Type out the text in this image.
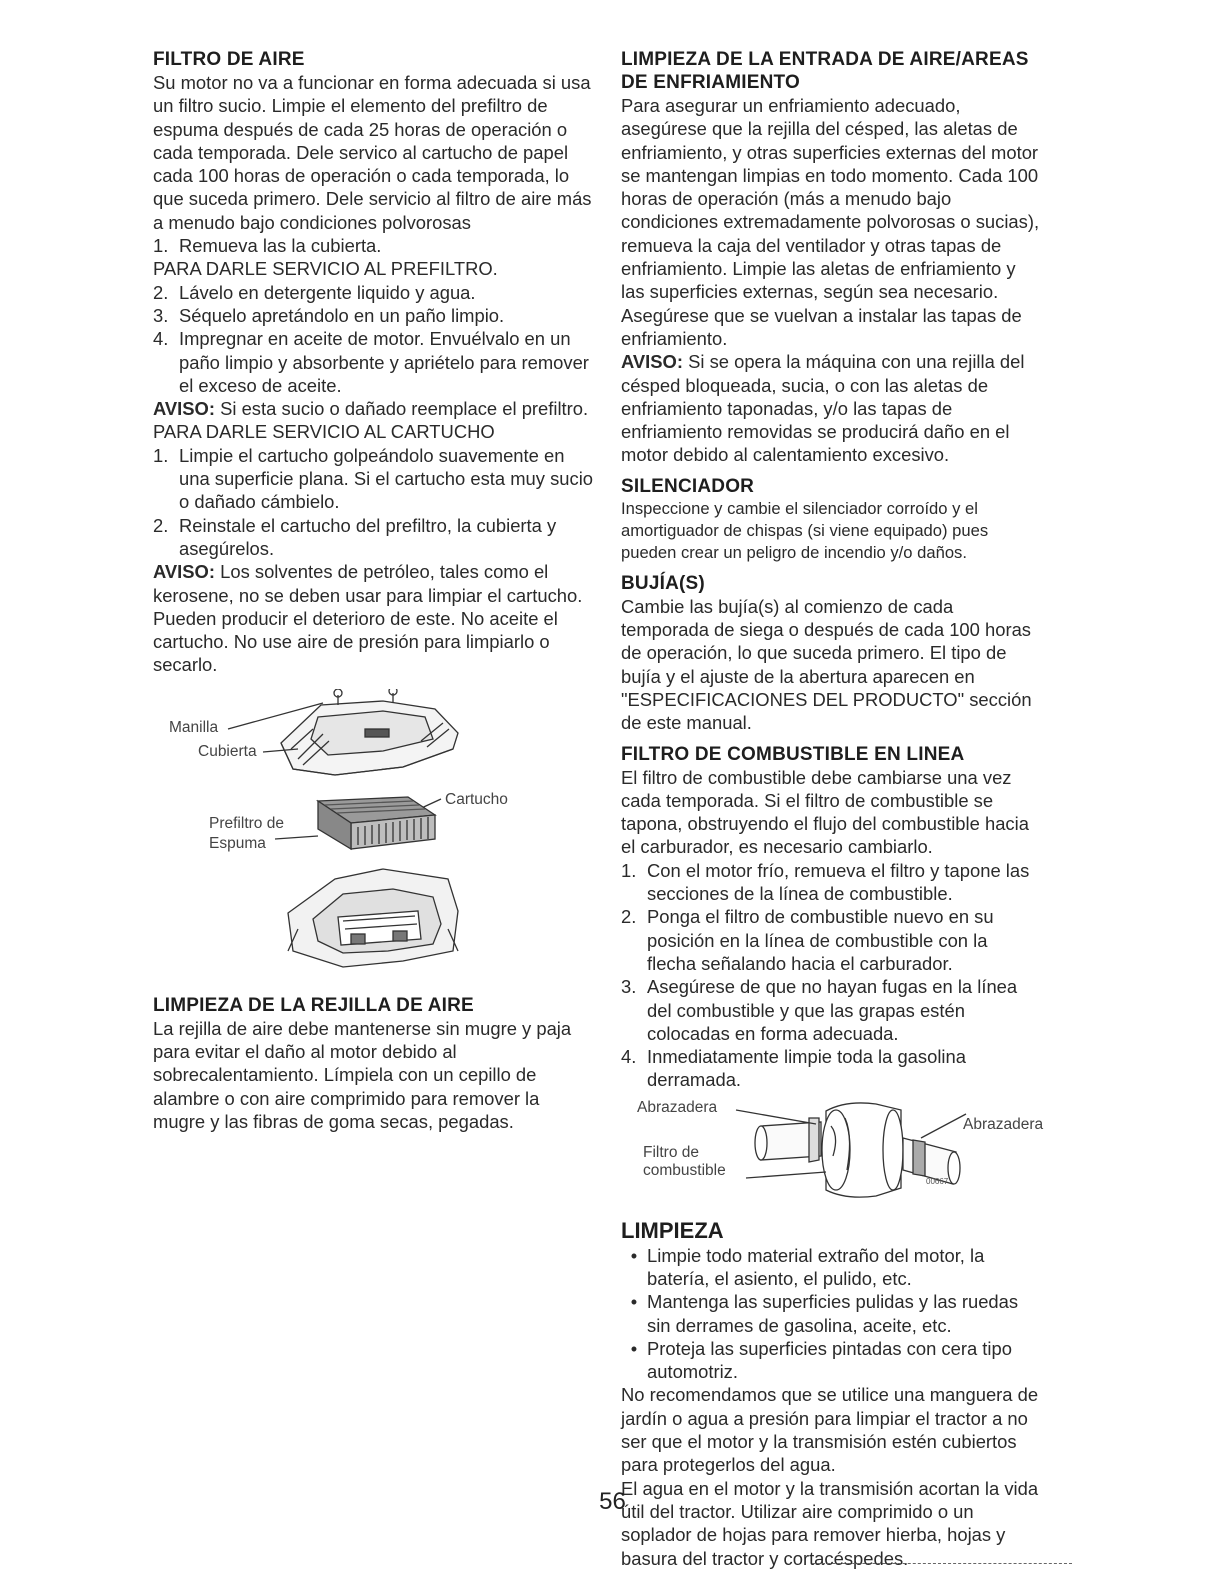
FILTRO DE AIRE

Su motor no va a funcionar en forma adecuada si usa un filtro sucio. Limpie el elemento del prefiltro de espuma después de cada 25 horas de operación o cada temporada. Dele servico al cartucho de papel cada 100 horas de operación o cada temporada, lo que suceda primero. Dele servicio al filtro de aire más a menudo bajo condiciones polvorosas

1. Remueva las la cubierta.

PARA DARLE SERVICIO AL PREFILTRO.

2. Lávelo en detergente liquido y agua.
3. Séquelo apretándolo en un paño limpio.
4. Impregnar en aceite de motor. Envuélvalo en un paño limpio y absorbente y apriételo para remover el exceso de aceite.

AVISO: Si esta sucio o dañado reemplace el prefiltro.

PARA DARLE SERVICIO AL CARTUCHO

1. Limpie el cartucho golpeándolo suavemente en una superficie plana. Si el cartucho esta muy sucio o dañado cámbielo.
2. Reinstale el cartucho del prefiltro, la cubierta y asegúrelos.

AVISO: Los solventes de petróleo, tales como el kerosene, no se deben usar para limpiar el cartucho. Pueden producir el deterioro de este. No aceite el cartucho. No use aire de presión para limpiarlo o secarlo.

Manilla
Cubierta
Cartucho
Prefiltro de
Espuma

LIMPIEZA DE LA REJILLA DE AIRE

La rejilla de aire debe mantenerse sin mugre y paja para evitar el daño al motor debido al sobrecalentamiento. Límpiela con un cepillo de alambre o con aire comprimido para remover la mugre y las fibras de goma secas, pegadas.

LIMPIEZA DE LA ENTRADA DE AIRE/AREAS

DE ENFRIAMIENTO

Para asegurar un enfriamiento adecuado, asegúrese que la rejilla del césped, las aletas de enfriamiento, y otras superficies externas del motor se mantengan limpias en todo momento. Cada 100 horas de operación (más a menudo bajo condiciones extremadamente polvorosas o sucias), remueva la caja del ventilador y otras tapas de enfriamiento. Limpie las aletas de enfriamiento y las superficies externas, según sea necesario. Asegúrese que se vuelvan a instalar las tapas de enfriamiento.

AVISO: Si se opera la máquina con una rejilla del césped bloqueada, sucia, o con las aletas de enfriamiento taponadas, y/o las tapas de enfriamiento removidas se producirá daño en el motor debido al calentamiento excesivo.

SILENCIADOR

Inspeccione y cambie el silenciador corroído y el amortiguador de chispas (si viene equipado) pues pueden crear un peligro de incendio y/o daños.

BUJÍA(S)

Cambie las bujía(s) al comienzo de cada temporada de siega o después de cada 100 horas de operación, lo que suceda primero. El tipo de bujía y el ajuste de la abertura aparecen en "ESPECIFICACIONES DEL PRODUCTO" sección de este manual.

FILTRO DE COMBUSTIBLE EN LINEA

El filtro de combustible debe cambiarse una vez cada temporada. Si el filtro de combustible se tapona, obstruyendo el flujo del combustible hacia el carburador, es necesario cambiarlo.

1. Con el motor frío, remueva el filtro y tapone las secciones de la línea de combustible.
2. Ponga el filtro de combustible nuevo en su posición en la línea de combustible con la flecha señalando hacia el carburador.
3. Asegúrese de que no hayan fugas en la línea del combustible y que las grapas estén colocadas en forma adecuada.
4. Inmediatamente limpie toda la gasolina derramada.
00667
Abrazadera
Abrazadera
Filtro de
combustible

LIMPIEZA

• Limpie todo material extraño del motor, la batería, el asiento, el pulido, etc.
• Mantenga las superficies pulidas y las ruedas sin derrames de gasolina, aceite, etc.
• Proteja las superficies pintadas con cera tipo automotriz.

No recomendamos que se utilice una manguera de jardín o agua a presión para limpiar el tractor a no ser que el motor y la transmisión estén cubiertos para protegerlos del agua.

El agua en el motor y la transmisión acortan la vida útil del tractor. Utilizar aire comprimido o un soplador de hojas para remover hierba, hojas y basura del tractor y cortacéspedes.

56
